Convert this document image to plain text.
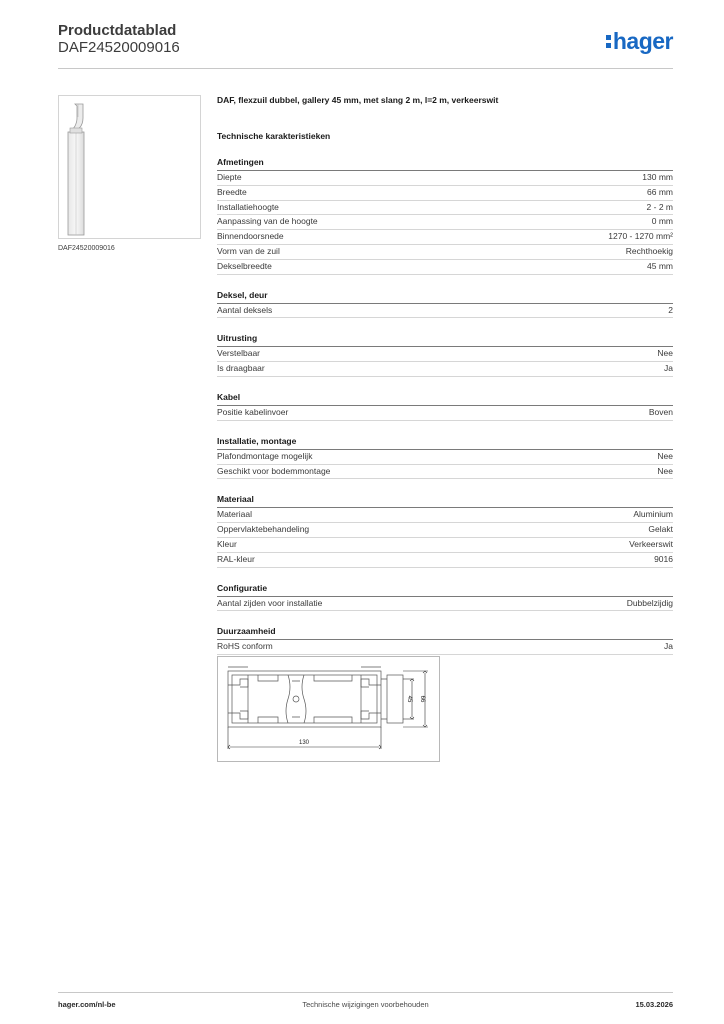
Productdatablad
DAF24520009016	hager
DAF24520009016
DAF, flexzuil dubbel, gallery 45 mm, met slang 2 m, l=2 m, verkeerswit
Technische karakteristieken
Afmetingen
Diepte	130 mm
Breedte	66 mm
Installatiehoogte	2 - 2 m
Aanpassing van de hoogte	0 mm
Binnendoorsnede	1270 - 1270 mm²
Vorm van de zuil	Rechthoekig
Dekselbreedte	45 mm
Deksel, deur
Aantal deksels	2
Uitrusting
Verstelbaar	Nee
Is draagbaar	Ja
Kabel
Positie kabelinvoer	Boven
Installatie, montage
Plafondmontage mogelijk	Nee
Geschikt voor bodemmontage	Nee
Materiaal
Materiaal	Aluminium
Oppervlaktebehandeling	Gelakt
Kleur	Verkeerswit
RAL-kleur	9016
Configuratie
Aantal zijden voor installatie	Dubbelzijdig
Duurzaamheid
RoHS conform	Ja
130
45 66
hager.com/nl-be	Technische wijzigingen voorbehouden	15.03.2026
